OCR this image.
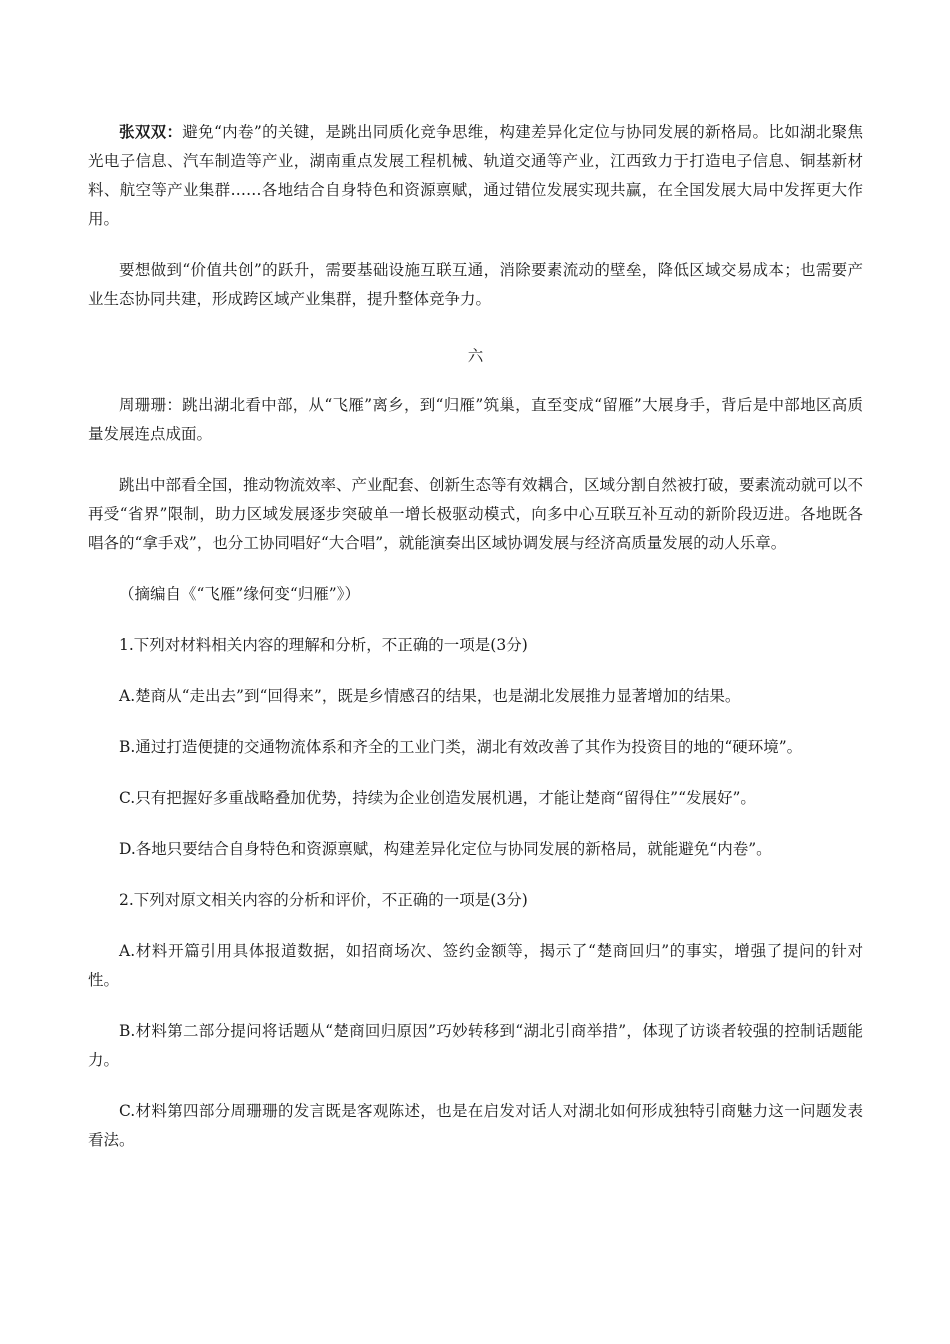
张双双：避免“内卷”的关键，是跳出同质化竞争思维，构建差异化定位与协同发展的新格局。比如湖北聚焦光电子信息、汽车制造等产业，湖南重点发展工程机械、轨道交通等产业，江西致力于打造电子信息、铜基新材料、航空等产业集群……各地结合自身特色和资源禀赋，通过错位发展实现共赢，在全国发展大局中发挥更大作用。

要想做到“价值共创”的跃升，需要基础设施互联互通，消除要素流动的壁垒，降低区域交易成本；也需要产业生态协同共建，形成跨区域产业集群，提升整体竞争力。

六

周珊珊：跳出湖北看中部，从“飞雁”离乡，到“归雁”筑巢，直至变成“留雁”大展身手，背后是中部地区高质量发展连点成面。

跳出中部看全国，推动物流效率、产业配套、创新生态等有效耦合，区域分割自然被打破，要素流动就可以不再受“省界”限制，助力区域发展逐步突破单一增长极驱动模式，向多中心互联互补互动的新阶段迈进。各地既各唱各的“拿手戏”，也分工协同唱好“大合唱”，就能演奏出区域协调发展与经济高质量发展的动人乐章。

（摘编自《“飞雁”缘何变“归雁”》）

1.下列对材料相关内容的理解和分析，不正确的一项是(3分)

A.楚商从“走出去”到“回得来”，既是乡情感召的结果，也是湖北发展推力显著增加的结果。

B.通过打造便捷的交通物流体系和齐全的工业门类，湖北有效改善了其作为投资目的地的“硬环境”。

C.只有把握好多重战略叠加优势，持续为企业创造发展机遇，才能让楚商“留得住”“发展好”。

D.各地只要结合自身特色和资源禀赋，构建差异化定位与协同发展的新格局，就能避免“内卷”。

2.下列对原文相关内容的分析和评价，不正确的一项是(3分)

A.材料开篇引用具体报道数据，如招商场次、签约金额等，揭示了“楚商回归”的事实，增强了提问的针对性。

B.材料第二部分提问将话题从“楚商回归原因”巧妙转移到“湖北引商举措”，体现了访谈者较强的控制话题能力。

C.材料第四部分周珊珊的发言既是客观陈述，也是在启发对话人对湖北如何形成独特引商魅力这一问题发表看法。
